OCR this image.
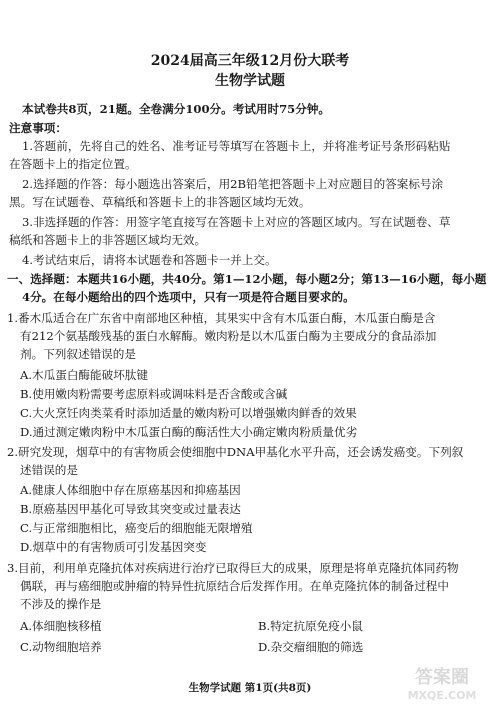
2024届高三年级12月份大联考
生物学试题
本试卷共8页，21题。全卷满分100分。考试用时75分钟。
注意事项：
1.答题前，先将自己的姓名、准考证号等填写在答题卡上，并将准考证号条形码粘贴
在答题卡上的指定位置。
2.选择题的作答：每小题选出答案后，用2B铅笔把答题卡上对应题目的答案标号涂
黑。写在试题卷、草稿纸和答题卡上的非答题区域均无效。
3.非选择题的作答：用签字笔直接写在答题卡上对应的答题区域内。写在试题卷、草
稿纸和答题卡上的非答题区域均无效。
4.考试结束后，请将本试题卷和答题卡一并上交。
一、选择题：本题共16小题，共40分。第1—12小题，每小题2分；第13—16小题，每小题
4分。在每小题给出的四个选项中，只有一项是符合题目要求的。
1.番木瓜适合在广东省中南部地区种植，其果实中含有木瓜蛋白酶，木瓜蛋白酶是含
有212个氨基酸残基的蛋白水解酶。嫩肉粉是以木瓜蛋白酶为主要成分的食品添加
剂。下列叙述错误的是
A.木瓜蛋白酶能破坏肽键
B.使用嫩肉粉需要考虑原料或调味料是否含酸或含碱
C.大火烹饪肉类菜肴时添加适量的嫩肉粉可以增强嫩肉鲜香的效果
D.通过测定嫩肉粉中木瓜蛋白酶的酶活性大小确定嫩肉粉质量优劣
2.研究发现，烟草中的有害物质会使细胞中DNA甲基化水平升高，还会诱发癌变。下列叙
述错误的是
A.健康人体细胞中存在原癌基因和抑癌基因
B.原癌基因甲基化可导致其突变或过量表达
C.与正常细胞相比，癌变后的细胞能无限增殖
D.烟草中的有害物质可引发基因突变
3.目前，利用单克隆抗体对疾病进行治疗已取得巨大的成果，原理是将单克隆抗体同药物
偶联，再与癌细胞或肿瘤的特异性抗原结合后发挥作用。在单克隆抗体的制备过程中
不涉及的操作是
A.体细胞核移植	B.特定抗原免疫小鼠
C.动物细胞培养	D.杂交瘤细胞的筛选
生物学试题 第1页(共8页)	答案圈
MXQE.COM
